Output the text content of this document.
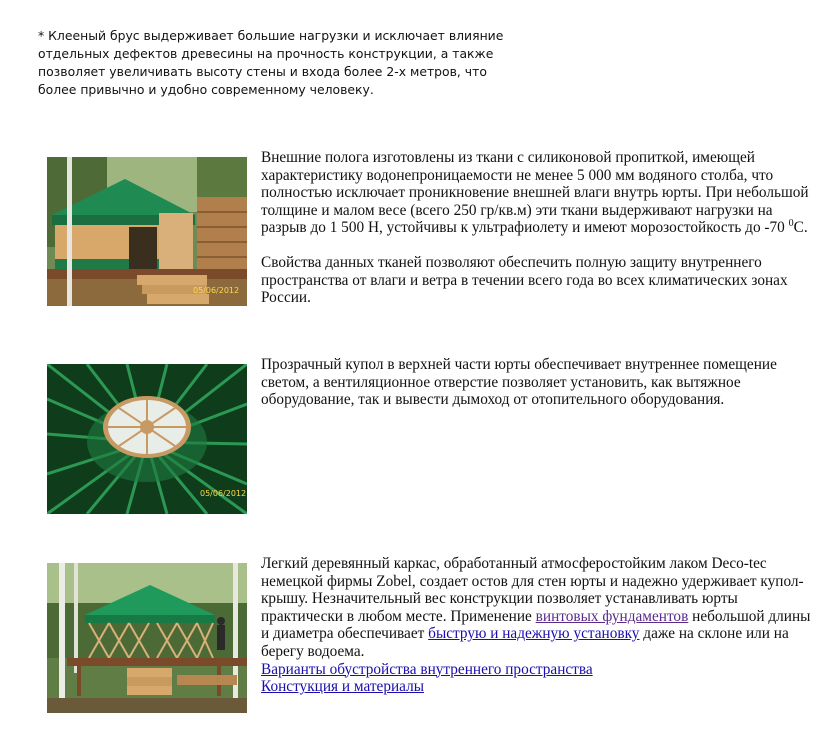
* Клееный брус выдерживает большие нагрузки и исключает влияние отдельных дефектов древесины на прочность конструкции, а также позволяет увеличивать высоту стены и входа более 2-х метров, что более привычно и удобно современному человеку.
05/06/2012

Внешние полога изготовлены из ткани с силиконовой пропиткой, имеющей характеристику водонепроницаемости не менее 5 000 мм водяного столба, что полностью исключает проникновение внешней влаги внутрь юрты. При небольшой толщине и малом весе (всего 250 гр/кв.м) эти ткани выдерживают нагрузки на разрыв до 1 500 Н, устойчивы к ультрафиолету и имеют морозостойкость до -70 $^0$С.

Свойства данных тканей позволяют обеспечить полную защиту внутреннего пространства от влаги и ветра в течении всего года во всех климатических зонах России.

05/06/2012

Прозрачный купол в верхней части юрты обеспечивает внутреннее помещение светом, а вентиляционное отверстие позволяет установить, как вытяжное оборудование, так и вывести дымоход от отопительного оборудования.

Легкий деревянный каркас, обработанный атмосферостойким лаком Deco-tec немецкой фирмы Zobel, создает остов для стен юрты и надежно удерживает купол-крышу. Незначительный вес конструкции позволяет устанавливать юрты практически в любом месте. Применение винтовых фундаментов небольшой длины и диаметра обеспечивает быструю и надежную установку даже на склоне или на берегу водоема.
Варианты обустройства внутреннего пространства
Констукция и материалы
